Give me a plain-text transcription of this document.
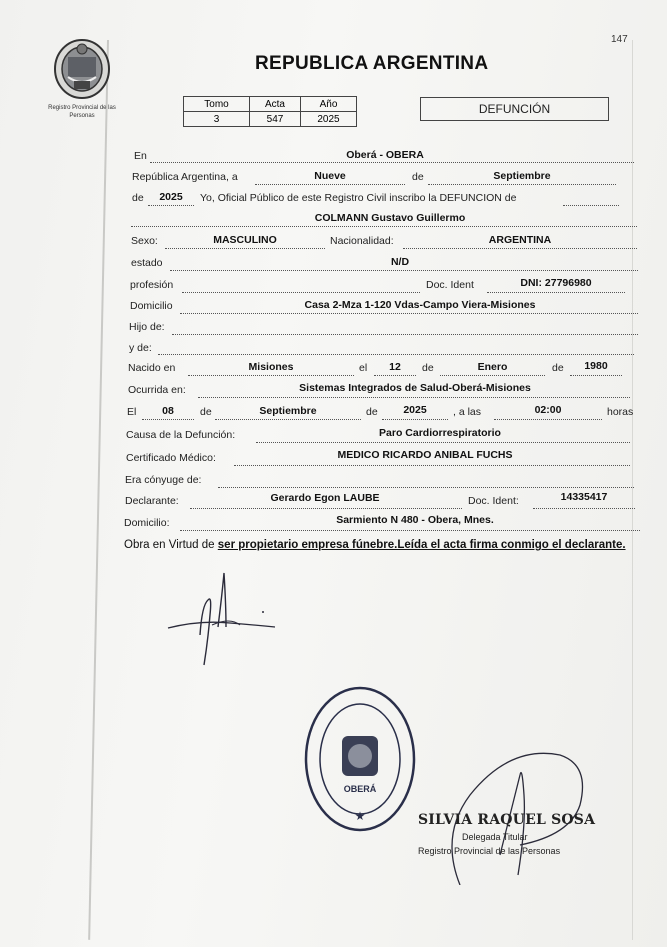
147
Registro Provincial de las Personas
REPUBLICA ARGENTINA
Tomo	Acta	Año
3	547	2025
DEFUNCIÓN
En	Oberá - OBERA
República Argentina, a	Nueve	de	Septiembre
de	2025	Yo, Oficial Público de este Registro Civil inscribo la DEFUNCION de
COLMANN Gustavo Guillermo
Sexo:	MASCULINO	Nacionalidad:	ARGENTINA
estado	N/D
profesión	Doc. Ident	DNI: 27796980
Domicilio	Casa 2-Mza 1-120 Vdas-Campo Viera-Misiones
Hijo de:
y de:
Nacido en	Misiones	el	12	de	Enero	de	1980
Ocurrida en:	Sistemas Integrados de Salud-Oberá-Misiones
El	08	de	Septiembre	de	2025	, a las	02:00	horas
Causa de la Defunción:	Paro Cardiorrespiratorio
Certificado Médico:	MEDICO RICARDO ANIBAL FUCHS
Era cónyuge de:
Declarante:	Gerardo Egon LAUBE	Doc. Ident:	14335417
Domicilio:	Sarmiento N 480 - Obera, Mnes.
Obra en Virtud de ser propietario empresa fúnebre.Leída el acta firma conmigo el declarante.
OBERÁ
★	SILVIA RAQUEL SOSA
Delegada Titular
Registro Provincial de las Personas
